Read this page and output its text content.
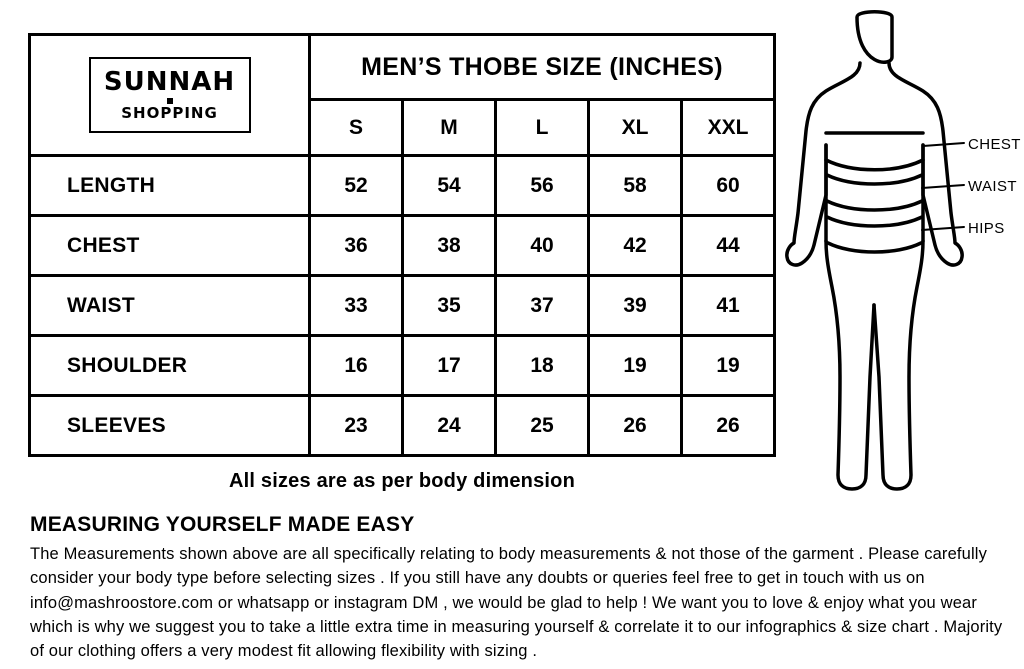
SUNNAH
SHOPPING	MEN’S THOBE SIZE (INCHES)				
	S	M	L	XL	XXL
LENGTH	52	54	56	58	60
CHEST	36	38	40	42	44
WAIST	33	35	37	39	41
SHOULDER	16	17	18	19	19
SLEEVES	23	24	25	26	26
All sizes are as per body dimension
CHEST
WAIST
HIPS
MEASURING YOURSELF MADE EASY

The Measurements shown above are all specifically relating to body measurements & not those of the garment . Please carefully consider your body type before selecting sizes . If you still have any doubts or queries feel free to get in touch with us on info@mashroostore.com or whatsapp or instagram DM , we would be glad to help ! We want you to love & enjoy what you wear which is why we suggest you to take a little extra time in measuring yourself & correlate it to our infographics & size chart . Majority of our clothing offers a very modest fit allowing flexibility with sizing .
